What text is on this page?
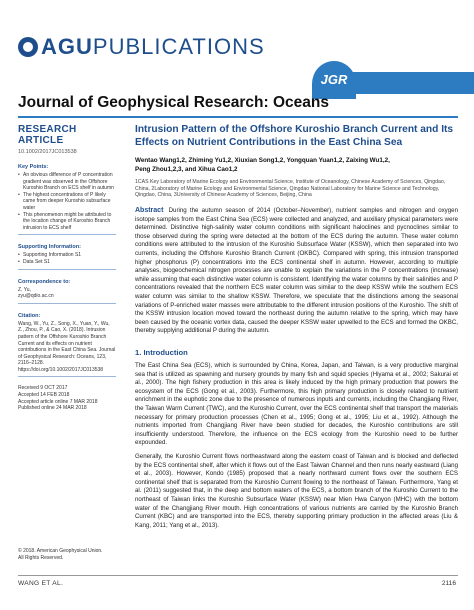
AGU PUBLICATIONS
JGR
Journal of Geophysical Research: Oceans
RESEARCH ARTICLE
10.1002/2017JC013538
Key Points:
• An obvious difference of P concentration gradient was observed in the Offshore Kuroshio Branch on ECS shelf in autumn
• The highest concentrations of P likely came from deeper Kuroshio subsurface water
• This phenomenon might be attributed to the location change of Kuroshio Branch intrusion to ECS shelf
Supporting Information:
• Supporting Information S1
• Data Set S1
Correspondence to:
Z. Yu,
zyu@qdio.ac.cn
Citation:
Wang, W., Yu, Z., Song, X., Yuan, Y., Wu, Z., Zhou, P., & Cao, X. (2018). Intrusion pattern of the Offshore Kuroshio Branch Current and its effects on nutrient contributions in the East China Sea. Journal of Geophysical Research: Oceans, 123, 2116–2128. https://doi.org/10.1002/2017JC013538
Received 9 OCT 2017
Accepted 14 FEB 2018
Accepted article online 7 MAR 2018
Published online 24 MAR 2018
Intrusion Pattern of the Offshore Kuroshio Branch Current and Its Effects on Nutrient Contributions in the East China Sea
Wentao Wang1,2, Zhiming Yu1,2, Xiuxian Song1,2, Yongquan Yuan1,2, Zaixing Wu1,2,
Peng Zhou1,2,3, and Xihua Cao1,2
1CAS Key Laboratory of Marine Ecology and Environmental Science, Institute of Oceanology, Chinese Academy of Sciences, Qingdao, China, 2Laboratory of Marine Ecology and Environmental Science, Qingdao National Laboratory for Marine Science and Technology, Qingdao, China, 3University of Chinese Academy of Sciences, Beijing, China
Abstract During the autumn season of 2014 (October–November), nutrient samples and nitrogen and oxygen isotope samples from the East China Sea (ECS) were collected and analyzed, and auxiliary physical parameters were determined. Distinctive high-salinity water column conditions with significant haloclines and pycnoclines similar to those observed during the spring were detected at the bottom of the ECS during the autumn. These water column conditions were attributed to the intrusion of the Kuroshio Subsurface Water (KSSW), which then separated into two currents, including the Offshore Kuroshio Branch Current (OKBC). Compared with spring, this intrusion transported higher phosphorus (P) concentrations into the ECS continental shelf in autumn. However, according to multiple analyses, biogeochemical nitrogen processes are unable to explain the variations in the P concentrations (increase) while assuming that each distinctive water column is consistent. Identifying the water columns by their salinities and P concentrations revealed that the northern ECS water column was similar to the deep KSSW while the southern ECS water column was similar to the shallow KSSW. Therefore, we speculate that the distinctions among the seasonal variations of P-enriched water masses were attributable to the different intrusion positions of the Kuroshio. The shift of the KSSW intrusion location moved toward the northeast during the autumn relative to the spring, which may have been caused by the oceanic vortex data, caused the deeper KSSW water upwelled to the ECS and formed the OKBC, thereby supplying additional P during the autumn.
1. Introduction
The East China Sea (ECS), which is surrounded by China, Korea, Japan, and Taiwan, is a very productive marginal sea that is utilized as spawning and nursery grounds by many fish and squid species (Hiyama et al., 2002; Sakurai et al., 2000). The high fishery production in this area is likely induced by the high primary production that powers the ecosystem of the ECS (Gong et al., 2003). Furthermore, this high primary production is closely related to nutrient enrichment in the euphotic zone due to the presence of numerous inputs and currents, including the Changjiang River, the Taiwan Warm Current (TWC), and the Kuroshio Current, over the ECS continental shelf that transport the materials necessary for primary production processes (Chen et al., 1995; Gong et al., 1995; Liu et al., 1992). Although the nutrients imported from Changjiang River have been studied for decades, the Kuroshio contributions are still insufficiently understood. Therefore, the influence on the ECS ecology from the Kuroshio need to be further expounded.
Generally, the Kuroshio Current flows northeastward along the eastern coast of Taiwan and is blocked and deflected by the ECS continental shelf, after which it flows out of the East Taiwan Channel and then runs nearly eastward (Liang et al., 2003). However, Kondo (1985) proposed that a nearly northward current flows over the southern ECS continental shelf that is separated from the Kuroshio Current flowing to the northeast of Taiwan. Furthermore, Yang et al. (2011) suggested that, in the deep and bottom waters of the ECS, a bottom branch of the Kuroshio Current to the northeast of Taiwan links the Kuroshio Subsurface Water (KSSW) near Mien Hwa Canyon (MHC) with the bottom water of the Changjiang River mouth. High concentrations of various nutrients are carried by the Kuroshio Branch Current (KBC) and are transported into the ECS, thereby supporting primary production in the affected areas (Liu & Kang, 2011; Yang et al., 2013).
© 2018. American Geophysical Union.
All Rights Reserved.
WANG ET AL.	2116
